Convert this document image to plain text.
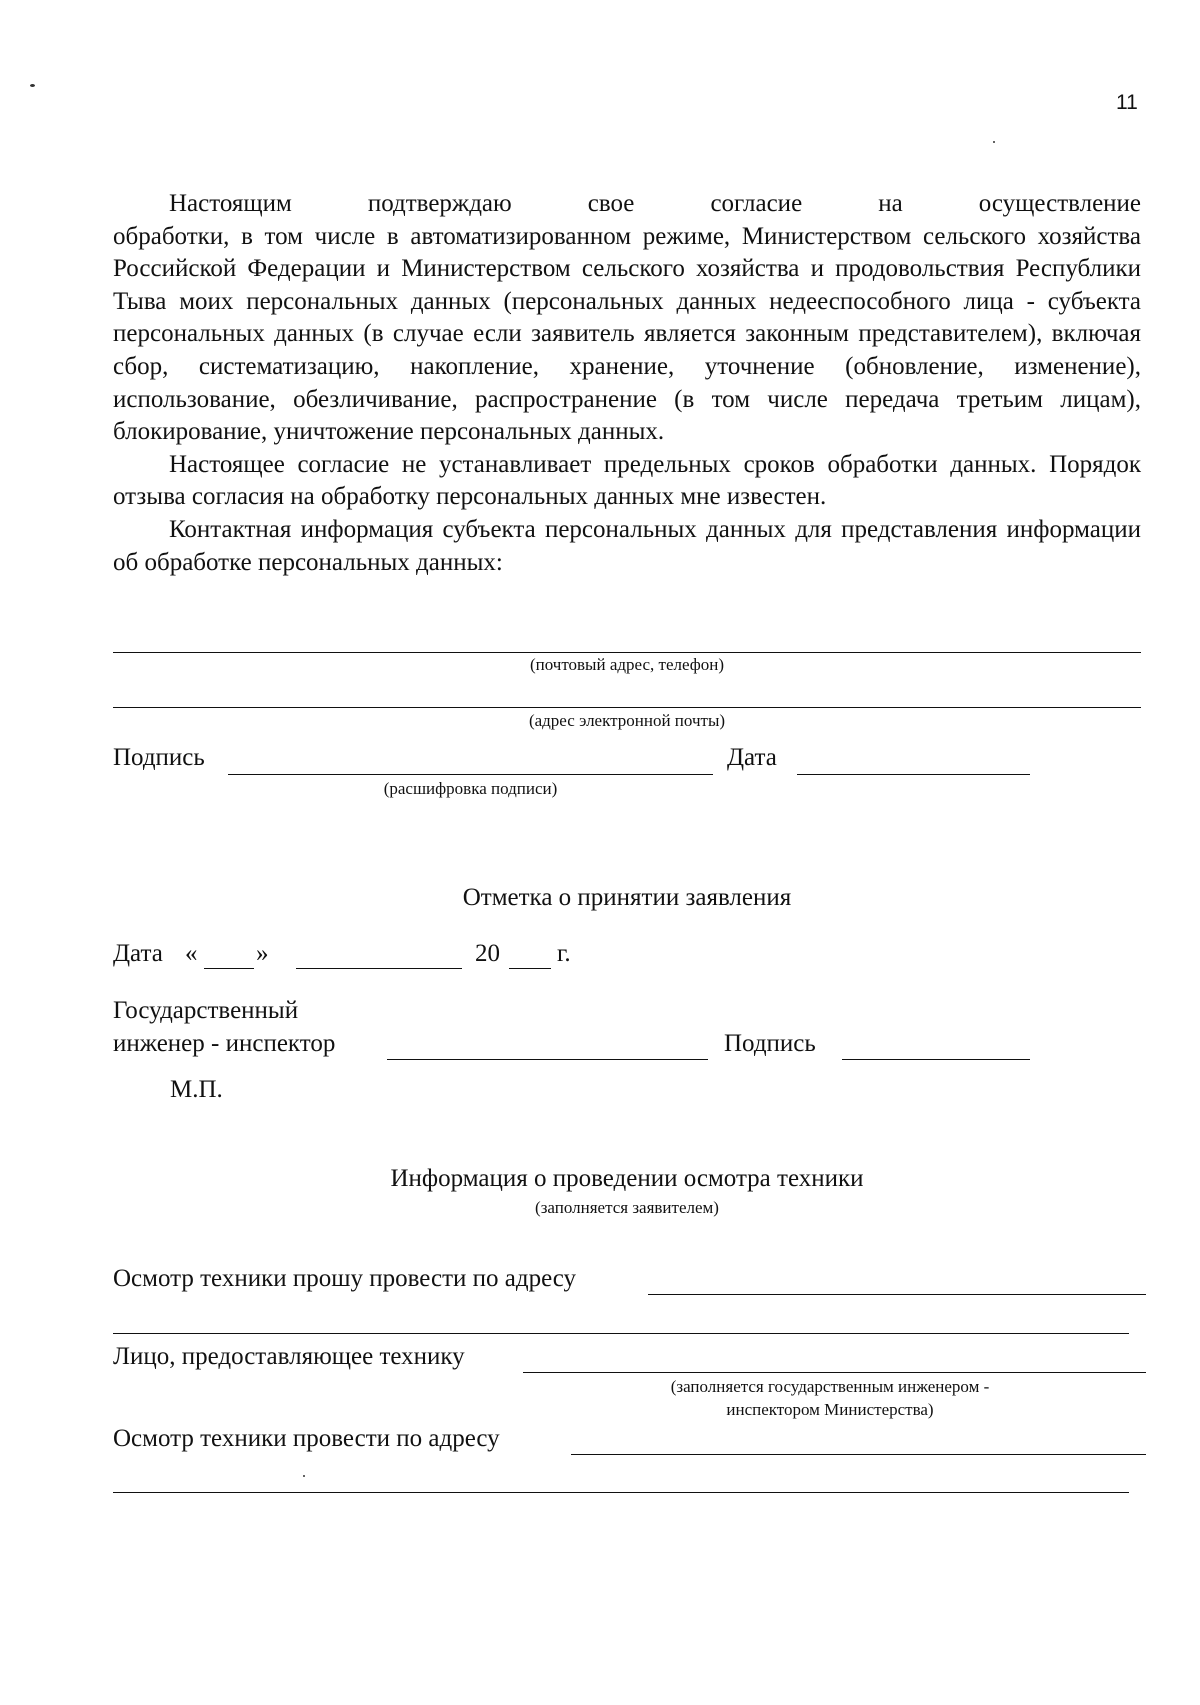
11

Настоящим	подтверждаю	свое	согласие	на	осуществление
обработки, в том числе в автоматизированном режиме, Министерством сельского хозяйства Российской Федерации и Министерством сельского хозяйства и продовольствия Республики Тыва моих персональных данных (персональных данных недееспособного лица - субъекта персональных данных (в случае если заявитель является законным представителем), включая сбор, систематизацию, накопление, хранение, уточнение (обновление, изменение), использование, обезличивание, распространение (в том числе передача третьим лицам), блокирование, уничтожение персональных данных.

Настоящее согласие не устанавливает предельных сроков обработки данных. Порядок отзыва согласия на обработку персональных данных мне известен.

Контактная информация субъекта персональных данных для представления информации об обработке персональных данных:

(почтовый адрес, телефон)
(адрес электронной почты)
Подпись
(расшифровка подписи)
Дата
Отметка о принятии заявления
Дата « »	20 г.
Государственный
инженер - инспектор	Подпись
М.П.
Информация о проведении осмотра техники
(заполняется заявителем)
Осмотр техники прошу провести по адресу
Лицо, предоставляющее технику
(заполняется государственным инженером -
инспектором Министерства)
Осмотр техники провести по адресу
